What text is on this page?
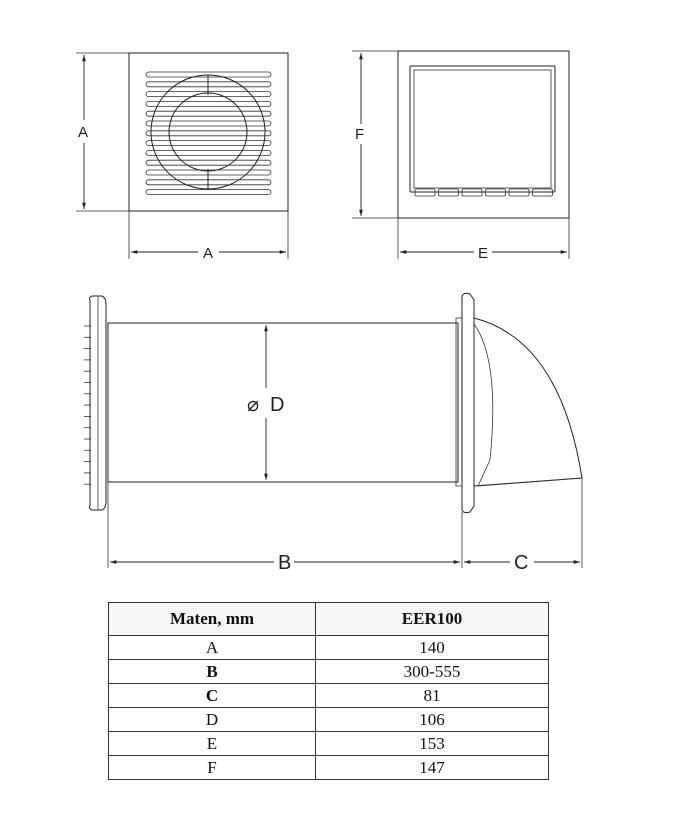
A
A
F
E
⌀ D
B	C
Maten, mm	EER100
A	140
B	300-555
C	81
D	106
E	153
F	147
